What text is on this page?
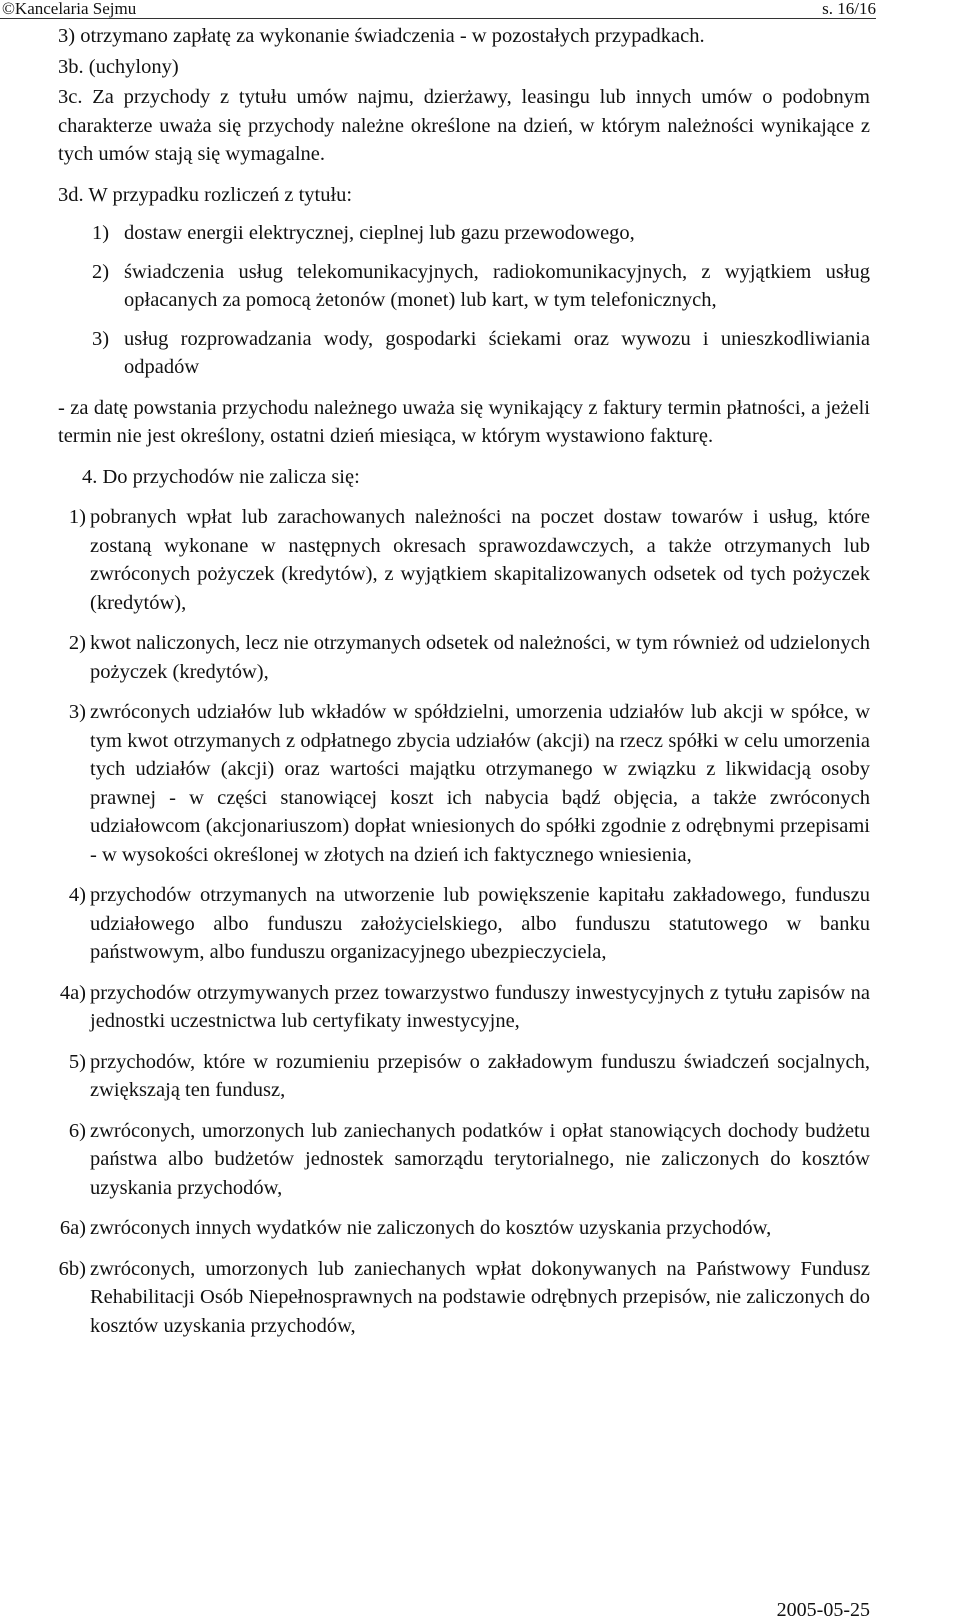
©Kancelaria Sejmu	s. 16/16

3) otrzymano zapłatę za wykonanie świadczenia - w pozostałych przypadkach.

3b. (uchylony)

3c. Za przychody z tytułu umów najmu, dzierżawy, leasingu lub innych umów o podobnym charakterze uważa się przychody należne określone na dzień, w którym należności wynikające z tych umów stają się wymagalne.

3d. W przypadku rozliczeń z tytułu:

1) dostaw energii elektrycznej, cieplnej lub gazu przewodowego,
2) świadczenia usług telekomunikacyjnych, radiokomunikacyjnych, z wyjątkiem usług opłacanych za pomocą żetonów (monet) lub kart, w tym telefonicznych,
3) usług rozprowadzania wody, gospodarki ściekami oraz wywozu i unieszkodliwiania odpadów

- za datę powstania przychodu należnego uważa się wynikający z faktury termin płatności, a jeżeli termin nie jest określony, ostatni dzień miesiąca, w którym wystawiono fakturę.

4. Do przychodów nie zalicza się:

1) pobranych wpłat lub zarachowanych należności na poczet dostaw towarów i usług, które zostaną wykonane w następnych okresach sprawozdawczych, a także otrzymanych lub zwróconych pożyczek (kredytów), z wyjątkiem skapitalizowanych odsetek od tych pożyczek (kredytów),
2) kwot naliczonych, lecz nie otrzymanych odsetek od należności, w tym również od udzielonych pożyczek (kredytów),
3) zwróconych udziałów lub wkładów w spółdzielni, umorzenia udziałów lub akcji w spółce, w tym kwot otrzymanych z odpłatnego zbycia udziałów (akcji) na rzecz spółki w celu umorzenia tych udziałów (akcji) oraz wartości majątku otrzymanego w związku z likwidacją osoby prawnej - w części stanowiącej koszt ich nabycia bądź objęcia, a także zwróconych udziałowcom (akcjonariuszom) dopłat wniesionych do spółki zgodnie z odrębnymi przepisami - w wysokości określonej w złotych na dzień ich faktycznego wniesienia,
4) przychodów otrzymanych na utworzenie lub powiększenie kapitału zakładowego, funduszu udziałowego albo funduszu założycielskiego, albo funduszu statutowego w banku państwowym, albo funduszu organizacyjnego ubezpieczyciela,
4a) przychodów otrzymywanych przez towarzystwo funduszy inwestycyjnych z tytułu zapisów na jednostki uczestnictwa lub certyfikaty inwestycyjne,
5) przychodów, które w rozumieniu przepisów o zakładowym funduszu świadczeń socjalnych, zwiększają ten fundusz,
6) zwróconych, umorzonych lub zaniechanych podatków i opłat stanowiących dochody budżetu państwa albo budżetów jednostek samorządu terytorialnego, nie zaliczonych do kosztów uzyskania przychodów,
6a) zwróconych innych wydatków nie zaliczonych do kosztów uzyskania przychodów,
6b) zwróconych, umorzonych lub zaniechanych wpłat dokonywanych na Państwowy Fundusz Rehabilitacji Osób Niepełnosprawnych na podstawie odrębnych przepisów, nie zaliczonych do kosztów uzyskania przychodów,
2005-05-25
